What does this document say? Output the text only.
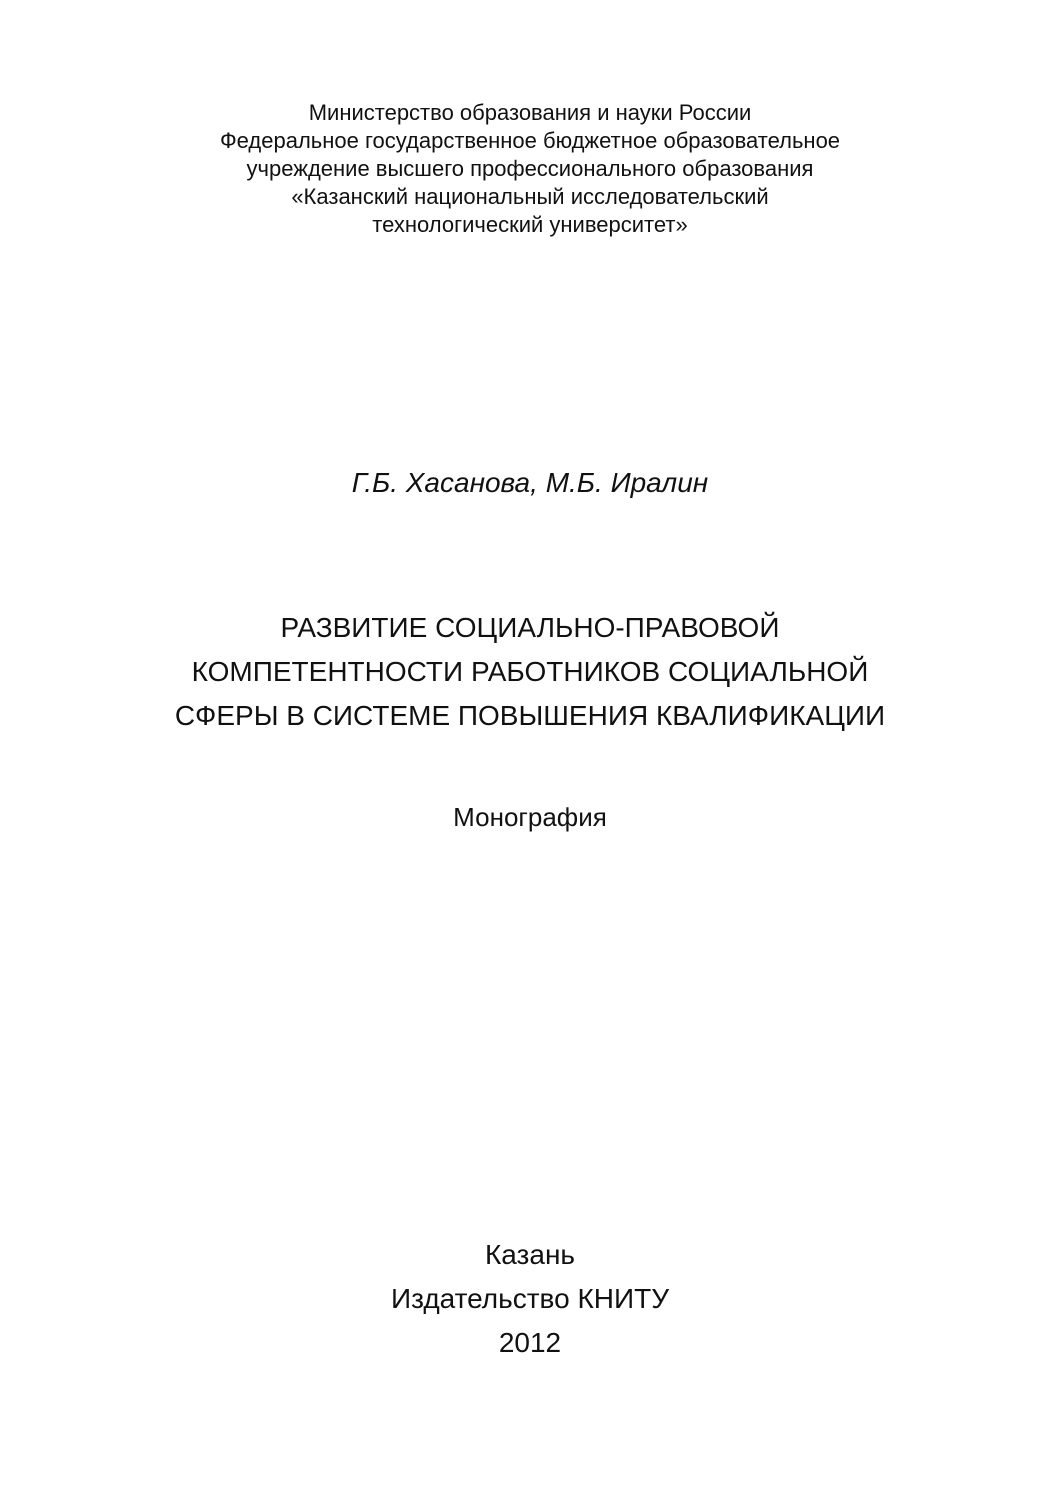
Министерство образования и науки России
Федеральное государственное бюджетное образовательное
учреждение высшего профессионального образования
«Казанский национальный исследовательский
технологический университет»
Г.Б. Хасанова, М.Б. Иралин
РАЗВИТИЕ СОЦИАЛЬНО-ПРАВОВОЙ
КОМПЕТЕНТНОСТИ РАБОТНИКОВ СОЦИАЛЬНОЙ
СФЕРЫ В СИСТЕМЕ ПОВЫШЕНИЯ КВАЛИФИКАЦИИ
Монография
Казань
Издательство КНИТУ
2012
